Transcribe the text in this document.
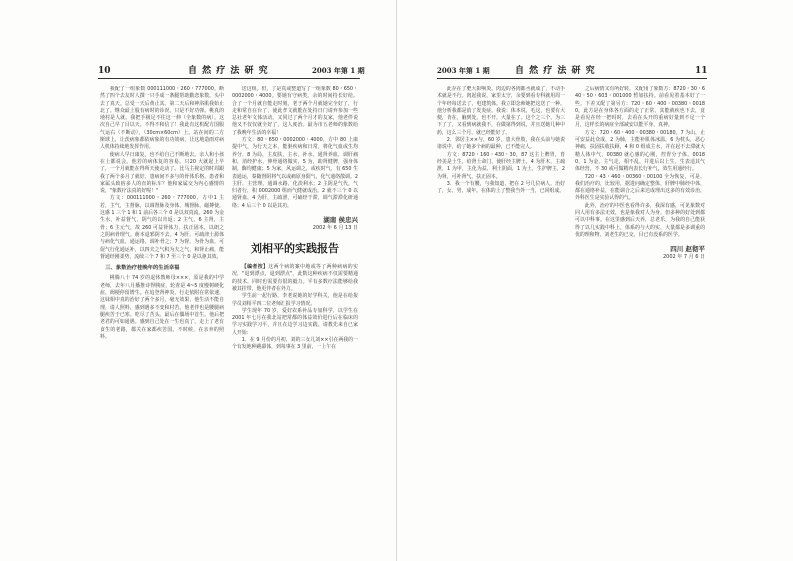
10	自 然 疗 法 研 究	2003 年第 1 期

我配了一组象数 000111000・260・777000。断然了四个去友时人撰一只手成一条腿帮助勤恋象数。头中去了真天。总受一天后黄止其。第二天后和神浴肌我始止北了。继众最上股有病时的诊况，只是不好功弹。桃真的地村是人就。我把手极足不往这一伸（全象数的病）。这次自己早了目以天。不得不和信了！我此有这机配方国服气运右（不断动），（30cm×60cm）上。站在间的二方斯球上，让茨病象都依病象的有功效病，让这地造雨对病人机体持续地发挥作用。

使病人早日康复。也不给自己不断地去。亲人和小孩在上都说会。他若的病体复的容易。只20 大就起上早了，一个月就能在得所天使走动了。比马主视定的时周跟我了两个多月了就好。患病间不多与的骨体乐格。患者和家属头致宿多人的直的标车？他和家属交为内心感情的说，"象数疗法真的好呢！"

方文：000111000・260・777000，方中1 主若，主气，主督脉，以调督脉及身体，城督脉，磁搏使，这感 1 三个 1 和 1 前后各三个 0 是以双真流，260 为金生水，补益督气，阴气的以肯返；2 主气，6 主肾，主骨；6 主元气，故 260 可益肾体力，扶正固本，以朗之之阴病骨理气。萌本退邪阴不去。4 为肝，可疏津土源体与病化气血，通运络，调补骨之；7 为督，为骨为血，可促气行化通运补，以四夫之气积为夫之气，和肾止痛，能督通经刚柔势，流续三个 7 和 7 至三个 0 是以驱其效。

三、象数治疗桂晚年的生活幸福

桃腾八十 74 岁的退休教师母×××，原是我的中学老师，去年八月播推诗得胰症，轮查是 4~5 度慢树硬化症，阀梗停留增生。在追登肾神炎，行走依附在常依速，这妹相中真的治好了两个多月，毫无效果，他生活不能自理，请人照料，感到遇多不变和村苦。他老伴也是腰腿病腿疾苦于已寒。吃尽了苦头。最后在偶场中首生。他后把老君的可如通遇。感到自己处在一生也真了，走上了老有食生的老路，都关在家都疾苦国。不时候，在亲弃的照料。

送这组。但，了是真或整道写了一组象数 80・650・0002000・4000。要她有守病类。余的时间持长好给。合了一个月就自能走时刻。老于两个月就她完全好了，行走和常自在台了，使此孝文就能在处持日门请弃参加一些总社老年文体活动。又同过了两个月才的友家，他老伴说他又不仅仅就全好了，这人度治。最为市五老师的象数给了我晚年生活的幸福！

方文：80・650・0002000・4000，方中 80 上康提中气，为行天之本，能驱疾病和日常，将化气血或生均养分，8 为局，主皮肤，主水，补水，通肾养血，调肝痛和，消经护水，伸骨通络做实，5 为，助肾健脾，强身体制，酶均健康；5 为家，风运调之，或疾时气，有 650 生表通运，秦随督阴将气以或痛原身阳气，化气通络散调。2 主肝，主营理，通调水路，化淡利水；2 主阴是气代，气归者行，积 0002000 组而气健就成治。2 就不三个 0 以通肾血，4 为肝，主疏泄，可硫经干滞，调气滞滞化研通络；4 后三个 0 以是其功。

湖南 侯忠兴
2002 年 6 月 13 日
刘相平的实践报告

【编者按】这两个病的案中地或等了两种病病的实况，"退到漂点，退到漂点"，此数这种疾病不仅需要精通的技术，同时也需要有很的毅力。平有多数疗法能够给我被其挂带，他更伴者在外力。

学生前一起行路，李老说她的好学科关，他是在给报学员刘相平四二位老师汇报学习情况。

学生现年 70 岁，爱好农系补品专加科学，以学生在 2001 年七月在我北站把常都的体益效价进行后在临床的学习实践学习平，并且在边学习边实践。请教先来自已家人开始：

1．在 9 月份的月初，刘的三女儿刘××引在两我的一个有发地种跳幕体，到每事在 3 里前，一上午在

2003 年第 1 期	自 然 疗 法 研 究	11

此存在了肥大影响炎。肉边的各肉都丞就成了，不动手术就是不行。肉起我说，家里太守，余要到看专科就用周一个年经每送去了，电建筑体。我立即念师她把这送了一种。他分析我都是消了发炎症。我说：体本说，毛这，也要有大便，肯在，脑到处，也不开，大量在了。这个之三个，为三下了了，又看到病就我不，在做第得到说，并且送她几种中药，这么三个月，就已经能好了。

2．邻居主××与，60 岁，患大骨肢，我在头前与她说诸说中，给了她多个病的最种，已不能完人。

方文：8720・160・430・30，87 这主上脾胃，育经美是土生，给肾土命门，使肝经主脾土，4 为肝木，主疏泄，1 为甲，主化为益，利土阴面，1 为土，生护脾主，2 为肾，可补肾气，扶正固本。

3．我一个有腰，与我知道，把在 2 号几位病人，治好了，女、男，成年。在体的上了整我当外一当，已同组成。

之后病情又有所好转。又配用了象数方：8720・30・640・50・603・001000 暂加扶持。前看见着基本好了一些。下差又配了第另方：720・60・400・00380・00180。此方是在身体各方面的走了正常，其能就疾也下去，竟是看见在经一把吗时，去看在头开的重病好量到不足一个月，这样长的病症全部减安以能平身，真神。

方文：720・60・400・00380・00180。7 为山，止可安益此众成，2 为肺，主能补肌体冰温，6 为枕头，恶心神痛，扶固扶收扶顾，4 和 0 组成主水，并在起不去滞就大精人体中气，00380 就心惠的心刚，控胃分子体，00180，1 为金，主气走，相不乱，并进后以上生，生表适其气体经营，不 30 或可做精内表长行补气，效生用通经行。

720・43・460・00360・00100 全为恢复，可是，我们治疗的，比较用，据进问确定整体，肝脾中肺经中体，都在通络补益，在能调合之后来达成理出这多的有效诊治，外科医生是实验认得的气。

此外，治疗的中医也看得许多，我深有感，可见象数对同人用有多法无效，也是象我对人为身，但多种的好处到都可以中科事。在这里感到后天养，总老乐，为我的自己能获得了以几实践中科上，体系的与大的实，大量都是多调重的优的理和物，刘老生的已交，目已有没系的医学。

四川 赵彻平
2002 年 7 月 6 日
